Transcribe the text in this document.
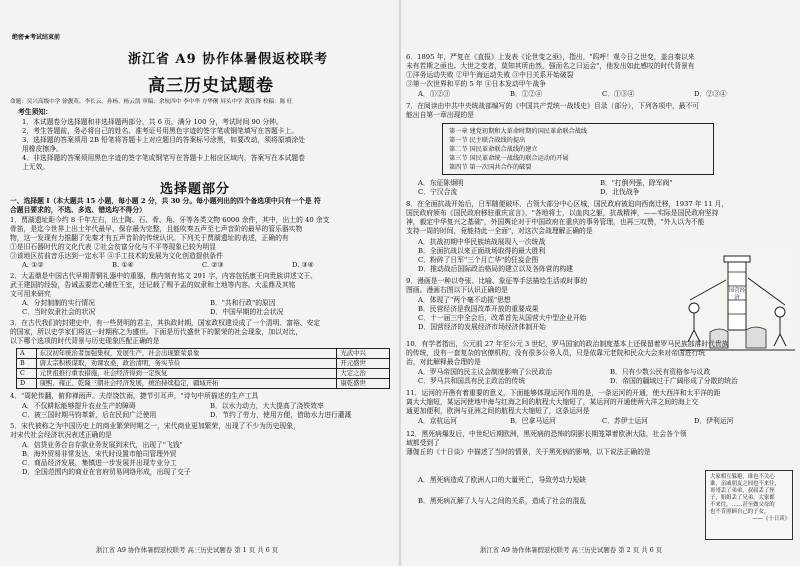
绝密★考试结束前
浙江省 A9 协作体暑假返校联考
高三历史试题卷
命题：吴兴高级中学 徐靓英、李长云、孙杨、杨云凯 审稿：余杭四中 李中华 方华俐 屏头中学 黄钰锋 校稿：陈 旺
考生须知：
1．本试题卷分选择题和非选择题两部分，共 6 页，满分 100 分，考试时间 90 分钟。
2．考生答题前，务必将自己的姓名、准考证号用黑色字迹的签字笔或钢笔填写在答题卡上。
3．选择题的答案须用 2B 铅笔将答题卡上对应题目的答案标号涂黑，如要改动，须将原填涂处
用橡皮擦净。
4．非选择题的答案须用黑色字迹的签字笔或钢笔写在答题卡上相应区域内，答案写在本试题卷
上无效。
选择题部分
一、选择题 I（本大题共 15 小题，每小题 2 分，共 30 分。每小题列出的四个备选项中只有一个是 符
合题目要求的，不选、多选、错选均不得分）
1．贾湖遗址距今约 8 千年左右，出土陶、石、骨、角、牙等各类文物 6000 余件，其中，出土的 40 余支
骨笛，是迄今世界上出土年代最早、保存最为完整，且能吹奏五声至七声音阶的最早的管乐器实物
物，这一发现有力推翻了先秦才有五声音阶的传统认识。下列关于贾湖遗址的表述，正确的有
①是旧石器时代的文化代表 ②社会贫富分化与不平等现象已较为明显
③该地区贫前音乐达到一定水平 ④手工技术的发展为文化创造提供条件
A. ①②	B. ①④	C. ②③	D. ③④
2．大盂鼎是中国古代早期青铜礼器中的重器，鼎内刻有铭文 291 字，内容包括康王向贵族讲述文王、
武王建国的经验，告诫盂要忠心辅佐王室，还记载了赐予盂的奴隶和土地等内容。大盂鼎及其铭
文可用来研究
A．分封制制的实行情况	B．"共和行政"的原因
C．当时奴隶社会的状况	D．中国早期的社会状况
3．在古代我们的封建史中，有一些贤明的君主，其执政时期，国家政权建设成了一个清明、富裕、安定
的国家，所以史学家们将这一时期称之为盛世。下面是历代盛世下的繁荣的社会现象，加以对比，
以下哪个选项的时代背景与历史现象匹配正确的是
A	东汉初年统治者加强集权，发展生产，社会出现繁荣景象	光武中兴
B	唐太宗积极谋取，劝课农桑，政治清明，务实节俭	开元盛世
C	元世祖推行重农措施，社会经济得到一定恢复	大定之治
D	康熙、雍正、乾隆三朝社会经济发展，统治持续稳定，疆域开拓	康乾盛世
4．"周轮传翻，俯仰禅雨声。夫岸饶饮雨，捷节引耳声，"诗句中所描述的生产工具
A．不仅耕耘能够提升农业生产的障碍	B．以水力动力，大大提高了浇铁效率
C．被三国时期马钧革新，后在民间广泛使用	D．节约了劳力，使用方便，借助水力进行灌溉
5．宋代被称之为中国历史上的商业繁荣时期之一，宋代商业更加繁荣，出现了不少为历史现象，
对宋代社会经济状况表述正确的是
A．信贷业务合自存款业务发展到宋代，出现了"飞钱"
B．海外贸易非常发达，宋代时设置市舶司管理外贸
C．商品经济发展，集镇进一步发展并出现专业分工
D．全国范围内的商业在官府贸易网络形成，出现了交子
浙江省 A9 协作体暑假返校联考 高三历史试题卷 第 1 页 共 6 页
6．1895 年，严复在《直报》上发表《论世变之亟》，指出，"呜呼！观今日之世变，盖自秦以来
未有若斯之亟也。大世之变者，莫知其所由然，强而名之曰运会"，他发出如此感叹的时代背景有
①洋务运动失败 ②甲午海运动失败 ③中日关系开始破裂
③第一次世界和平的 5 年 ④日本发动甲午战争
A．①②③	B．①②④	C．①③④	D．②③④
7．在阅读由中共中央统战部编写的《中国共产党统一战线史》目录（部分），下列各项中，最不可
能出自第一章出现的是
第一章 建党初期和大革命时期的国民革命联合战线
第一节 民主联合战线的提出
第二节 国民革命联合战线的建立
第三节 国民革命统一战线的联合运动的开展
第四节 第一次国共合作的破裂
A．东征陈炯明	B．"打倒列强，除军阀"
C．宁汉合流	D．北伐战争
8．在全面抗战开始后，日军随便破坏、占领大部分中心区城，国民政府被迫向西南迁移，1937 年 11 月，
国民政府颁布《国民政府移驻重庆宣言》，"各地将士，以血肉之躯，抗战精神，——实际是国民政府坚持
神，毅定中华复兴之基础"，外国舆论对于中国政府在重庆的事务管理，也再三叹赞，"外人以为不能
支持一周的时间，竟能持此一全面"，对这次会战理解正确的是
A．抗战初期中华民族统战展现入一次统战
B．全面抗战以来正面战场取得的最大胜利
C．粉碎了日军"三个月亡华"的狂妄企图
D．推动战后国际政治格局的建立以及各阵营的构建
9．漫画是一种以夸张、比喻、象征等手法描绘生活或时事的
图画。漫画右图以下认识正确的是
A．体现了"两个毫不动摇"思想
B．民营经济是我国改革开放的重要成果
C．十一届三中全会后，改革首先从国营大中型企业开始
D．国营经济的发展经济市场经济体制开始
国营经济
10．有学者指出，公元前 27 年至公元 3 世纪，罗马国家的政治制度基本上还保留着罗马民族部落时代贵族
的传统，没有一套复杂的官僚机构，没有很多公务人员，只是依靠元老院和民众大会来对帝国进行统
治，对此解释最合理的是
A．罗马帝国的民主议会制度影响了公民政治	B．只有少数公民有资格参与议政
C．罗马共和国具有民主政治的传统	D．帝国的疆域过于广阔形成了分散的统治
11．运河的开凿有着重要的意义，下面能够体现运河作用的是，一条运河的开通，使大西洋和太平洋的距
离大大缩短，某运河使地中海与红海之间的航程大大缩短了，某运河的开通使两大洋之间的海上交
通更加便利，欧洲与亚洲之间的航程大大缩短了，这条运河是
A．京杭运河	B．巴拿马运河	C．苏伊士运河	D．伊利运河
12．黑死病爆发后，中世纪后期欧洲，黑死病的恐怖的阴影长期笼罩着欧洲大陆，社会各个领域都受到了
薄伽丘的《十日谈》中描述了当时的情景，关于黑死病的影响，以下说法正确的是
A．黑死病造成了欧洲人口的大量死亡，导致劳动力短缺
B．黑死病瓦解了人与人之间的关系，造成了社会的混乱
大家相互躲避，谁也不关心
谁，亲戚朋友之间也不来往，
哥哥丢了弟弟，叔叔丢了侄
子，姐姐丢了兄弟，大家都
不来往，……甚至做父母的
也不肯照顾自己的子女。
——《十日谈》
浙江省 A9 协作体暑假返校联考 高三历史试题卷 第 2 页 共 6 页
